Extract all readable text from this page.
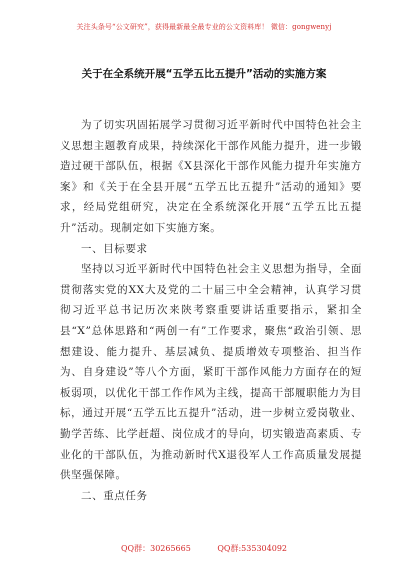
关注头条号“公文研究”，获得最新最全最专业的公文资料库！ 微信：gongwenyj
关于在全系统开展“五学五比五提升”活动的实施方案

为了切实巩固拓展学习贯彻习近平新时代中国特色社会主义思想主题教育成果，持续深化干部作风能力提升，进一步锻造过硬干部队伍，根据《X县深化干部作风能力提升年实施方案》和《关于在全县开展“五学五比五提升”活动的通知》要求，经局党组研究，决定在全系统深化开展“五学五比五提升”活动。现制定如下实施方案。

一、目标要求

坚持以习近平新时代中国特色社会主义思想为指导，全面贯彻落实党的XX大及党的二十届三中全会精神，认真学习贯彻习近平总书记历次来陕考察重要讲话重要指示，紧扣全县“X”总体思路和“两创一有”工作要求，聚焦“政治引领、思想建设、能力提升、基层减负、提质增效专项整治、担当作为、自身建设”等八个方面，紧盯干部作风能力方面存在的短板弱项，以优化干部工作作风为主线，提高干部履职能力为目标，通过开展“五学五比五提升”活动，进一步树立爱岗敬业、勤学苦练、比学赶超、岗位成才的导向，切实锻造高素质、专业化的干部队伍，为推动新时代X退役军人工作高质量发展提供坚强保障。

二、重点任务

QQ群：30265665	QQ群:535304092
